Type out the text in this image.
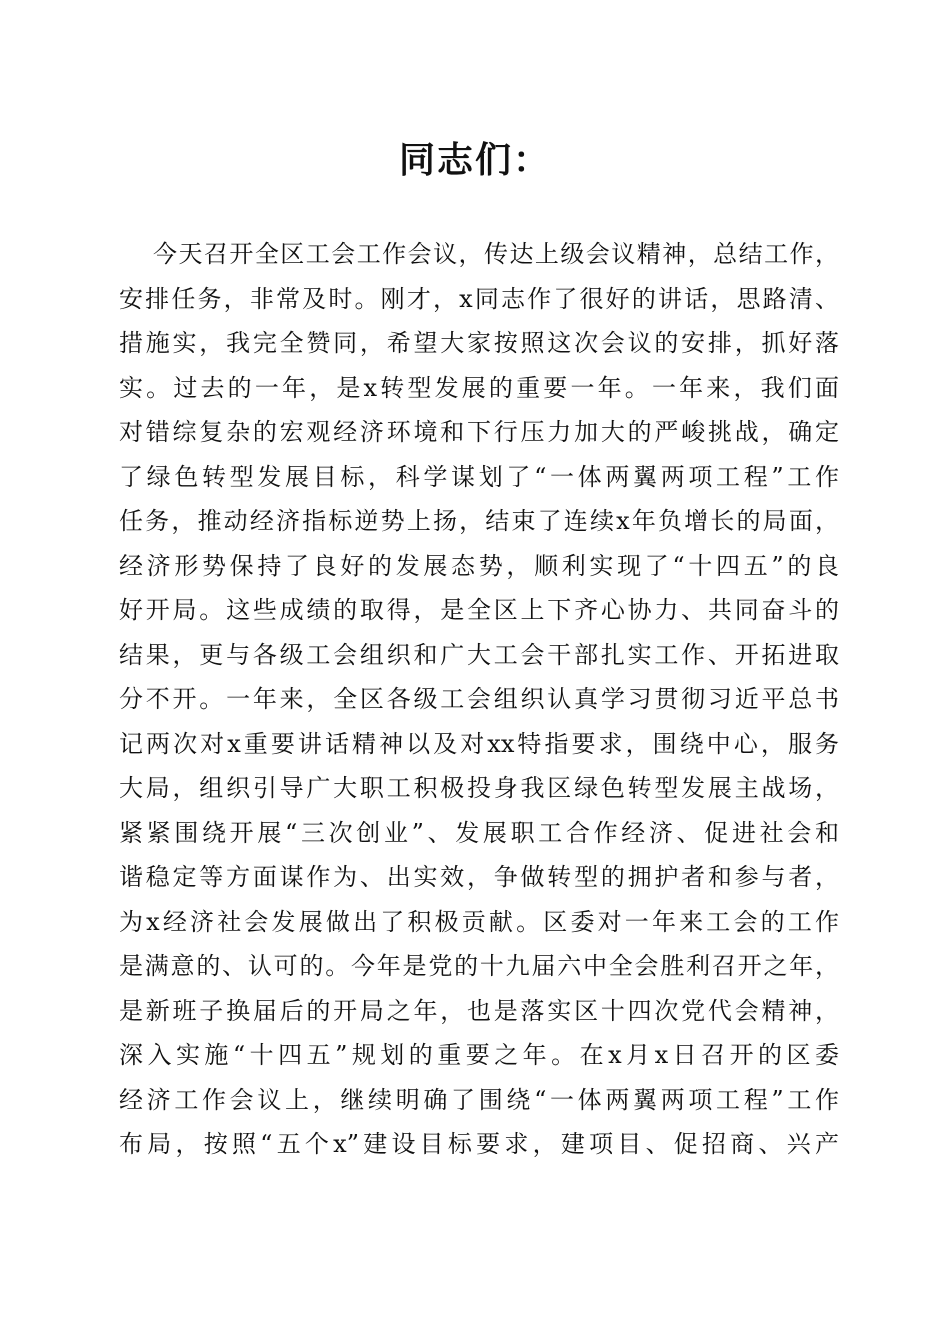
同志们：
今天召开全区工会工作会议，传达上级会议精神，总结工作，
安排任务，非常及时。刚才，x同志作了很好的讲话，思路清、
措施实，我完全赞同，希望大家按照这次会议的安排，抓好落
实。过去的一年，是x转型发展的重要一年。一年来，我们面
对错综复杂的宏观经济环境和下行压力加大的严峻挑战，确定
了绿色转型发展目标，科学谋划了“一体两翼两项工程”工作
任务，推动经济指标逆势上扬，结束了连续x年负增长的局面，
经济形势保持了良好的发展态势，顺利实现了“十四五”的良
好开局。这些成绩的取得，是全区上下齐心协力、共同奋斗的
结果，更与各级工会组织和广大工会干部扎实工作、开拓进取
分不开。一年来，全区各级工会组织认真学习贯彻习近平总书
记两次对x重要讲话精神以及对xx特指要求，围绕中心，服务
大局，组织引导广大职工积极投身我区绿色转型发展主战场，
紧紧围绕开展“三次创业”、发展职工合作经济、促进社会和
谐稳定等方面谋作为、出实效，争做转型的拥护者和参与者，
为x经济社会发展做出了积极贡献。区委对一年来工会的工作
是满意的、认可的。今年是党的十九届六中全会胜利召开之年，
是新班子换届后的开局之年，也是落实区十四次党代会精神，
深入实施“十四五”规划的重要之年。在x月x日召开的区委
经济工作会议上，继续明确了围绕“一体两翼两项工程”工作
布局，按照“五个x”建设目标要求，建项目、促招商、兴产
